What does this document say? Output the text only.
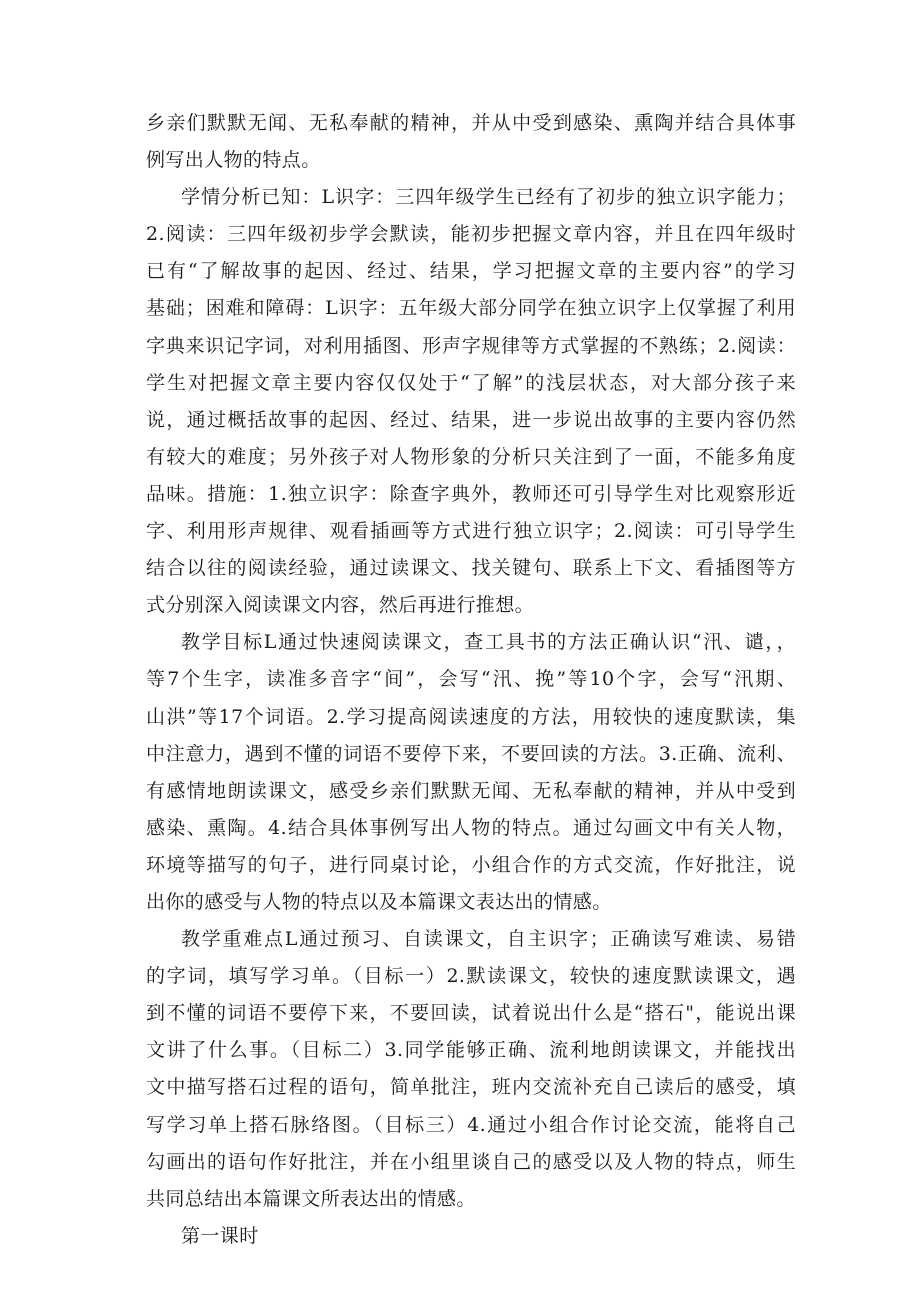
乡亲们默默无闻、无私奉献的精神，并从中受到感染、熏陶并结合具体事
例写出人物的特点。
学情分析已知：L识字：三四年级学生已经有了初步的独立识字能力；
2.阅读：三四年级初步学会默读，能初步把握文章内容，并且在四年级时
已有“了解故事的起因、经过、结果，学习把握文章的主要内容”的学习
基础；困难和障碍：L识字：五年级大部分同学在独立识字上仅掌握了利用
字典来识记字词，对利用插图、形声字规律等方式掌握的不熟练；2.阅读：
学生对把握文章主要内容仅仅处于“了解”的浅层状态，对大部分孩子来
说，通过概括故事的起因、经过、结果，进一步说出故事的主要内容仍然
有较大的难度；另外孩子对人物形象的分析只关注到了一面，不能多角度
品味。措施：1.独立识字：除查字典外，教师还可引导学生对比观察形近
字、利用形声规律、观看插画等方式进行独立识字；2.阅读：可引导学生
结合以往的阅读经验，通过读课文、找关键句、联系上下文、看插图等方
式分别深入阅读课文内容，然后再进行推想。
教学目标L通过快速阅读课文，查工具书的方法正确认识“汛、谴，，
等7个生字，读准多音字“间”，会写“汛、挽”等10个字，会写“汛期、
山洪”等17个词语。2.学习提高阅读速度的方法，用较快的速度默读，集
中注意力，遇到不懂的词语不要停下来，不要回读的方法。3.正确、流利、
有感情地朗读课文，感受乡亲们默默无闻、无私奉献的精神，并从中受到
感染、熏陶。4.结合具体事例写出人物的特点。通过勾画文中有关人物，
环境等描写的句子，进行同桌讨论，小组合作的方式交流，作好批注，说
出你的感受与人物的特点以及本篇课文表达出的情感。
教学重难点L通过预习、自读课文，自主识字；正确读写难读、易错
的字词，填写学习单。（目标一）2.默读课文，较快的速度默读课文，遇
到不懂的词语不要停下来，不要回读，试着说出什么是“搭石"，能说出课
文讲了什么事。（目标二）3.同学能够正确、流利地朗读课文，并能找出
文中描写搭石过程的语句，简单批注，班内交流补充自己读后的感受，填
写学习单上搭石脉络图。（目标三）4.通过小组合作讨论交流，能将自己
勾画出的语句作好批注，并在小组里谈自己的感受以及人物的特点，师生
共同总结出本篇课文所表达出的情感。
第一课时
